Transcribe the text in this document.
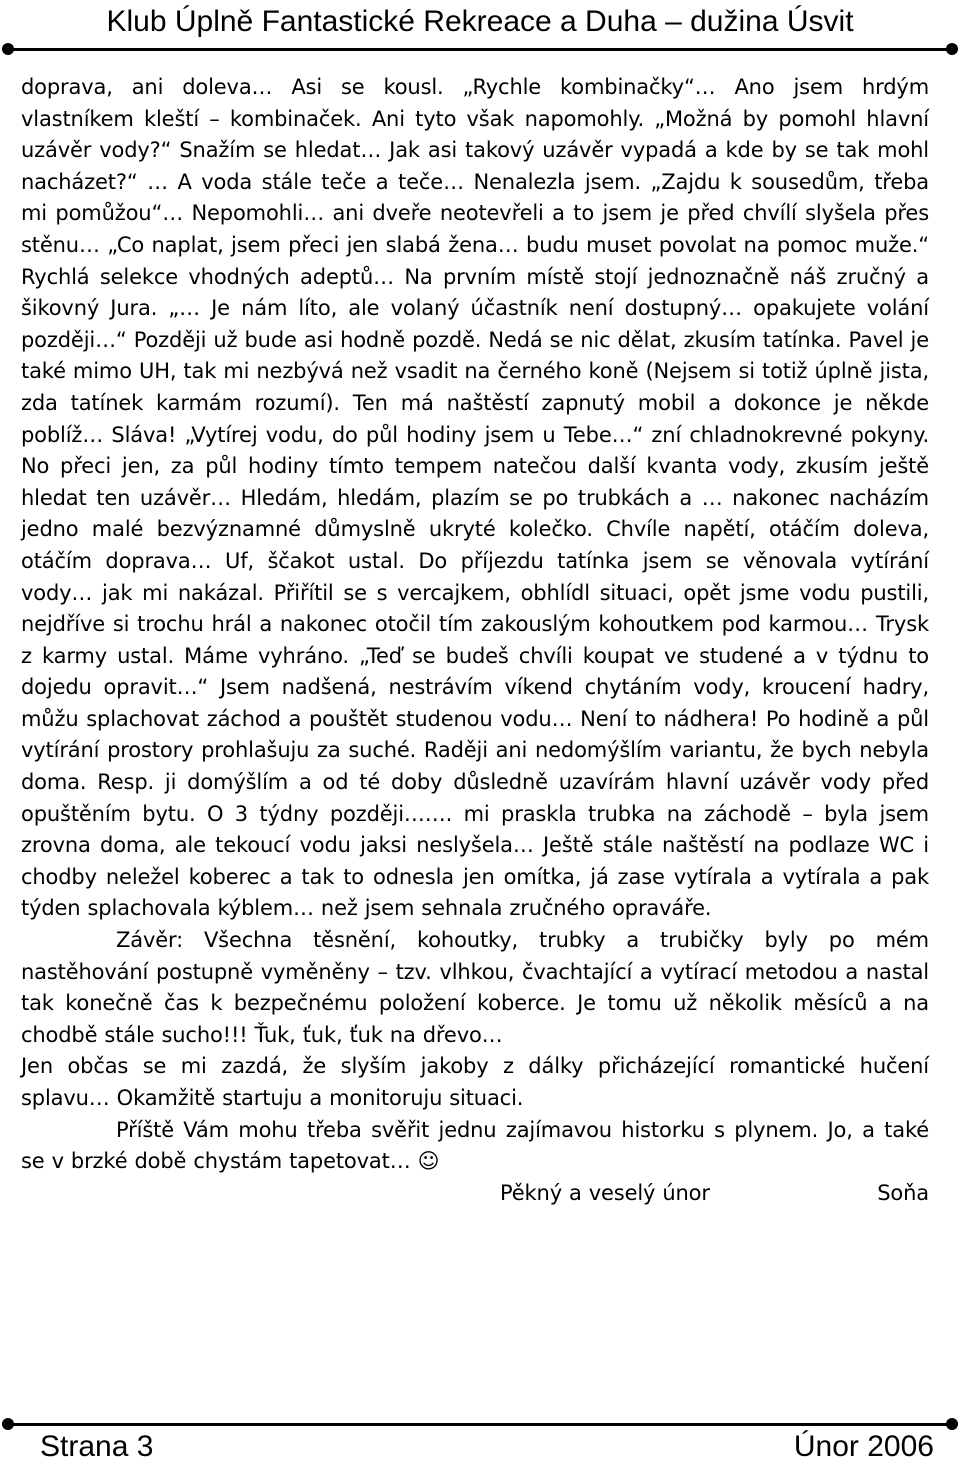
Klub Úplně Fantastické Rekreace a Duha – dužina Úsvit

doprava, ani doleva… Asi se kousl. „Rychle kombinačky“… Ano jsem hrdým vlastníkem kleští – kombinaček. Ani tyto však napomohly. „Možná by pomohl hlavní uzávěr vody?“ Snažím se hledat… Jak asi takový uzávěr vypadá a kde by se tak mohl nacházet?“ … A voda stále teče a teče… Nenalezla jsem. „Zajdu k sousedům, třeba mi pomůžou“… Nepomohli… ani dveře neotevřeli a to jsem je před chvílí slyšela přes stěnu… „Co naplat, jsem přeci jen slabá žena… budu muset povolat na pomoc muže.“ Rychlá selekce vhodných adeptů… Na prvním místě stojí jednoznačně náš zručný a šikovný Jura. „… Je nám líto, ale volaný účastník není dostupný… opakujete volání později…“ Později už bude asi hodně pozdě. Nedá se nic dělat, zkusím tatínka. Pavel je také mimo UH, tak mi nezbývá než vsadit na černého koně (Nejsem si totiž úplně jista, zda tatínek karmám rozumí). Ten má naštěstí zapnutý mobil a dokonce je někde poblíž… Sláva! „Vytírej vodu, do půl hodiny jsem u Tebe…“ zní chladnokrevné pokyny. No přeci jen, za půl hodiny tímto tempem natečou další kvanta vody, zkusím ještě hledat ten uzávěr… Hledám, hledám, plazím se po trubkách a … nakonec nacházím jedno malé bezvýznamné důmyslně ukryté kolečko. Chvíle napětí, otáčím doleva, otáčím doprava… Uf, ščakot ustal. Do příjezdu tatínka jsem se věnovala vytírání vody… jak mi nakázal. Přiřítil se s vercajkem, obhlídl situaci, opět jsme vodu pustili, nejdříve si trochu hrál a nakonec otočil tím zakouslým kohoutkem pod karmou… Trysk z karmy ustal. Máme vyhráno. „Teď se budeš chvíli koupat ve studené a v týdnu to dojedu opravit…“ Jsem nadšená, nestrávím víkend chytáním vody, kroucení hadry, můžu splachovat záchod a pouštět studenou vodu… Není to nádhera! Po hodině a půl vytírání prostory prohlašuju za suché. Raději ani nedomýšlím variantu, že bych nebyla doma. Resp. ji domýšlím a od té doby důsledně uzavírám hlavní uzávěr vody před opuštěním bytu. O 3 týdny později……. mi praskla trubka na záchodě – byla jsem zrovna doma, ale tekoucí vodu jaksi neslyšela… Ještě stále naštěstí na podlaze WC i chodby neležel koberec a tak to odnesla jen omítka, já zase vytírala a vytírala a pak týden splachovala kýblem… než jsem sehnala zručného opraváře.

Závěr: Všechna těsnění, kohoutky, trubky a trubičky byly po mém nastěhování postupně vyměněny – tzv. vlhkou, čvachtající a vytírací metodou a nastal tak konečně čas k bezpečnému položení koberce. Je tomu už několik měsíců a na chodbě stále sucho!!! Ťuk, ťuk, ťuk na dřevo…

Jen občas se mi zazdá, že slyším jakoby z dálky přicházející romantické hučení splavu… Okamžitě startuju a monitoruju situaci.

Příště Vám mohu třeba svěřit jednu zajímavou historku s plynem. Jo, a také se v brzké době chystám tapetovat… ☺

Pěkný a veselý únor	Soňa
Strana 3	Únor 2006
